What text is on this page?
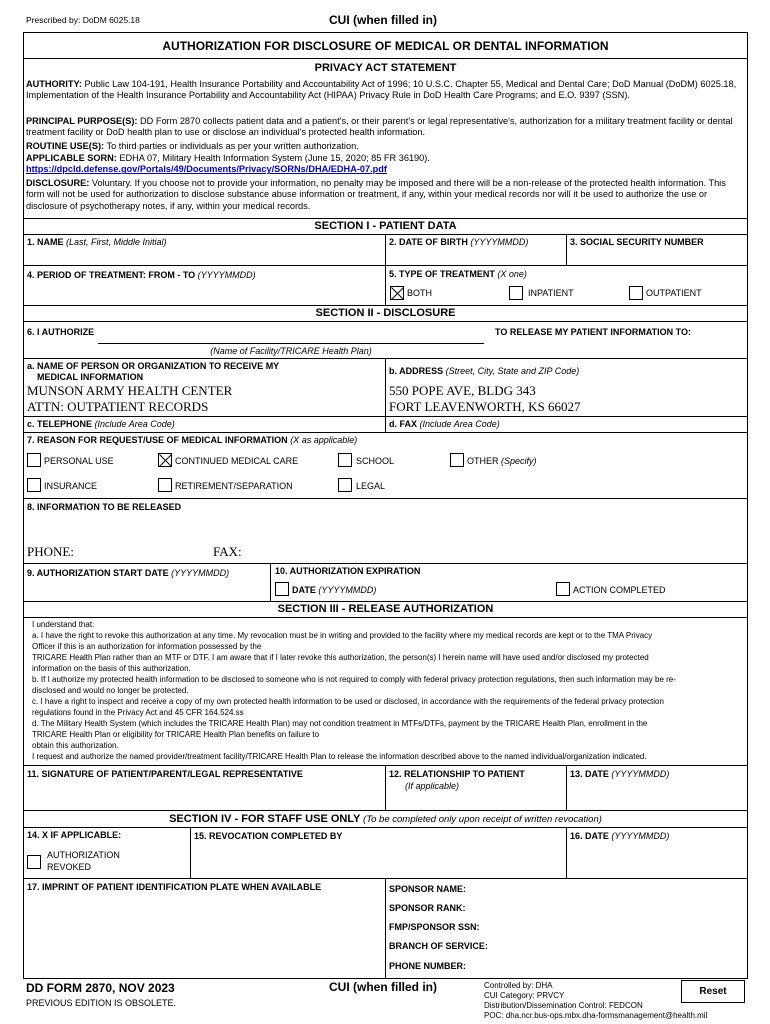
Prescribed by: DoDM 6025.18	CUI (when filled in)
AUTHORIZATION FOR DISCLOSURE OF MEDICAL OR DENTAL INFORMATION
PRIVACY ACT STATEMENT
AUTHORITY: Public Law 104-191, Health Insurance Portability and Accountability Act of 1996; 10 U.S.C. Chapter 55, Medical and Dental Care; DoD Manual (DoDM) 6025.18, Implementation of the Health Insurance Portability and Accountability Act (HIPAA) Privacy Rule in DoD Health Care Programs; and E.O. 9397 (SSN).
PRINCIPAL PURPOSE(S): DD Form 2870 collects patient data and a patient's, or their parent's or legal representative's, authorization for a military treatment facility or dental treatment facility or DoD health plan to use or disclose an individual's protected health information.
ROUTINE USE(S): To third parties or individuals as per your written authorization.
APPLICABLE SORN: EDHA 07, Military Health Information System (June 15, 2020; 85 FR 36190). https://dpcld.defense.gov/Portals/49/Documents/Privacy/SORNs/DHA/EDHA-07.pdf
DISCLOSURE: Voluntary. If you choose not to provide your information, no penalty may be imposed and there will be a non-release of the protected health information. This form will not be used for authorization to disclose substance abuse information or treatment, if any, within your medical records nor will it be used to authorize the use or disclosure of psychotherapy notes, if any, within your medical records.
SECTION I - PATIENT DATA
1. NAME (Last, First, Middle Initial)	2. DATE OF BIRTH (YYYYMMDD)	3. SOCIAL SECURITY NUMBER
4. PERIOD OF TREATMENT: FROM - TO (YYYYMMDD)	5. TYPE OF TREATMENT (X one)
BOTH	INPATIENT	OUTPATIENT
SECTION II - DISCLOSURE
6. I AUTHORIZE	TO RELEASE MY PATIENT INFORMATION TO:
(Name of Facility/TRICARE Health Plan)
a. NAME OF PERSON OR ORGANIZATION TO RECEIVE MY
MEDICAL INFORMATION
MUNSON ARMY HEALTH CENTER
ATTN: OUTPATIENT RECORDS
b. ADDRESS (Street, City, State and ZIP Code)
550 POPE AVE, BLDG 343
FORT LEAVENWORTH, KS 66027
c. TELEPHONE (Include Area Code)	d. FAX (Include Area Code)
7. REASON FOR REQUEST/USE OF MEDICAL INFORMATION (X as applicable)
PERSONAL USE	CONTINUED MEDICAL CARE	SCHOOL	OTHER (Specify)
INSURANCE	RETIREMENT/SEPARATION	LEGAL
8. INFORMATION TO BE RELEASED
PHONE:	FAX:
9. AUTHORIZATION START DATE (YYYYMMDD)	10. AUTHORIZATION EXPIRATION
DATE (YYYYMMDD)	ACTION COMPLETED
SECTION III - RELEASE AUTHORIZATION
I understand that:
a. I have the right to revoke this authorization at any time. My revocation must be in writing and provided to the facility where my medical records are kept or to the TMA Privacy
Officer if this is an authorization for information possessed by the
TRICARE Health Plan rather than an MTF or DTF. I am aware that if I later revoke this authorization, the person(s) I herein name will have used and/or disclosed my protected
information on the basis of this authorization.
b. If I authorize my protected health information to be disclosed to someone who is not required to comply with federal privacy protection regulations, then such information may be re-
disclosed and would no longer be protected.
c. I have a right to inspect and receive a copy of my own protected health information to be used or disclosed, in accordance with the requirements of the federal privacy protection
regulations found in the Privacy Act and 45 CFR 164.524.ss
d. The Military Health System (which includes the TRICARE Health Plan) may not condition treatment in MTFs/DTFs, payment by the TRICARE Health Plan, enrollment in the
TRICARE Health Plan or eligibility for TRICARE Health Plan benefits on failure to
obtain this authorization.
I request and authorize the named provider/treatment facility/TRICARE Health Plan to release the information described above to the named individual/organization indicated.
11. SIGNATURE OF PATIENT/PARENT/LEGAL REPRESENTATIVE	12. RELATIONSHIP TO PATIENT
(If applicable)
13. DATE (YYYYMMDD)
SECTION IV - FOR STAFF USE ONLY (To be completed only upon receipt of written revocation)
14. X IF APPLICABLE:	15. REVOCATION COMPLETED BY	16. DATE (YYYYMMDD)
AUTHORIZATION
REVOKED
17. IMPRINT OF PATIENT IDENTIFICATION PLATE WHEN AVAILABLE	SPONSOR NAME:
SPONSOR RANK:
FMP/SPONSOR SSN:
BRANCH OF SERVICE:
PHONE NUMBER:
DD FORM 2870, NOV 2023
PREVIOUS EDITION IS OBSOLETE.
CUI (when filled in)	Controlled by: DHA
CUI Category: PRVCY
Distribution/Dissemination Control: FEDCON
POC: dha.ncr.bus-ops.mbx.dha-formsmanagement@health.mil
Reset
